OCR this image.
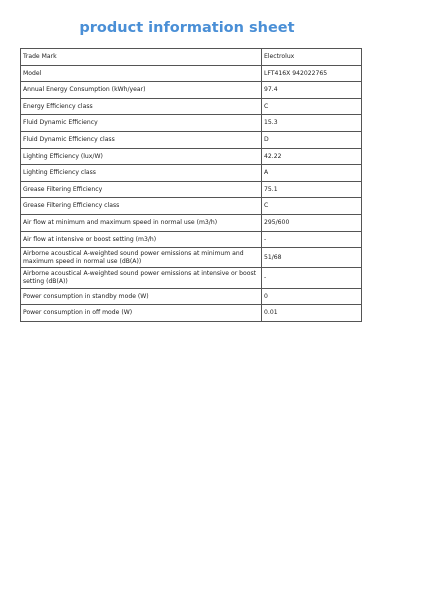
product information sheet
Trade Mark	Electrolux
Model	LFT416X 942022765
Annual Energy Consumption (kWh/year)	97.4
Energy Efficiency class	C
Fluid Dynamic Efficiency	15.3
Fluid Dynamic Efficiency class	D
Lighting Efficiency (lux/W)	42.22
Lighting Efficiency class	A
Grease Filtering Efficiency	75.1
Grease Filtering Efficiency class	C
Air flow at minimum and maximum speed in normal use (m3/h)	295/600
Air flow at intensive or boost setting (m3/h)	-
Airborne acoustical A-weighted sound power emissions at minimum and maximum speed in normal use (dB(A))	51/68
Airborne acoustical A-weighted sound power emissions at intensive or boost setting (dB(A))	-
Power consumption in standby mode (W)	0
Power consumption in off mode (W)	0.01
